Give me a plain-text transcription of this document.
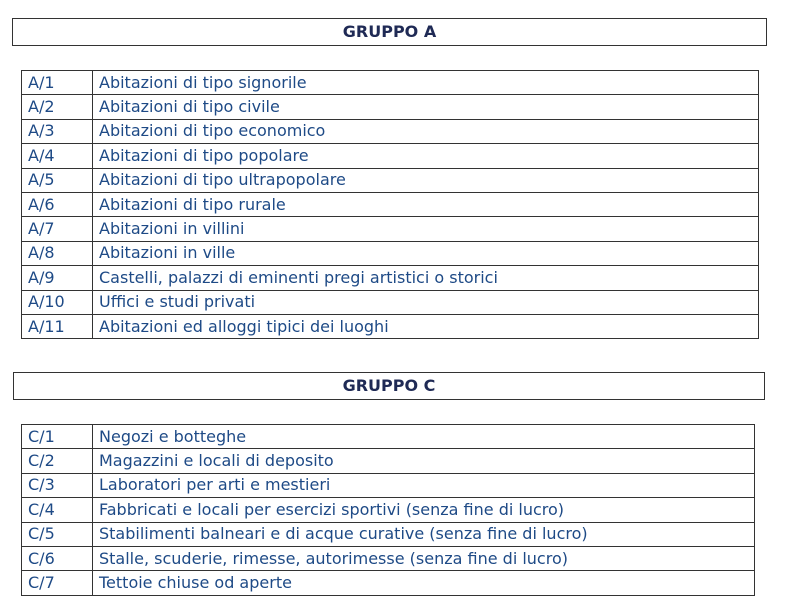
GRUPPO A
A/1	Abitazioni di tipo signorile
A/2	Abitazioni di tipo civile
A/3	Abitazioni di tipo economico
A/4	Abitazioni di tipo popolare
A/5	Abitazioni di tipo ultrapopolare
A/6	Abitazioni di tipo rurale
A/7	Abitazioni in villini
A/8	Abitazioni in ville
A/9	Castelli, palazzi di eminenti pregi artistici o storici
A/10	Uffici e studi privati
A/11	Abitazioni ed alloggi tipici dei luoghi
GRUPPO C
C/1	Negozi e botteghe
C/2	Magazzini e locali di deposito
C/3	Laboratori per arti e mestieri
C/4	Fabbricati e locali per esercizi sportivi (senza fine di lucro)
C/5	Stabilimenti balneari e di acque curative (senza fine di lucro)
C/6	Stalle, scuderie, rimesse, autorimesse (senza fine di lucro)
C/7	Tettoie chiuse od aperte
